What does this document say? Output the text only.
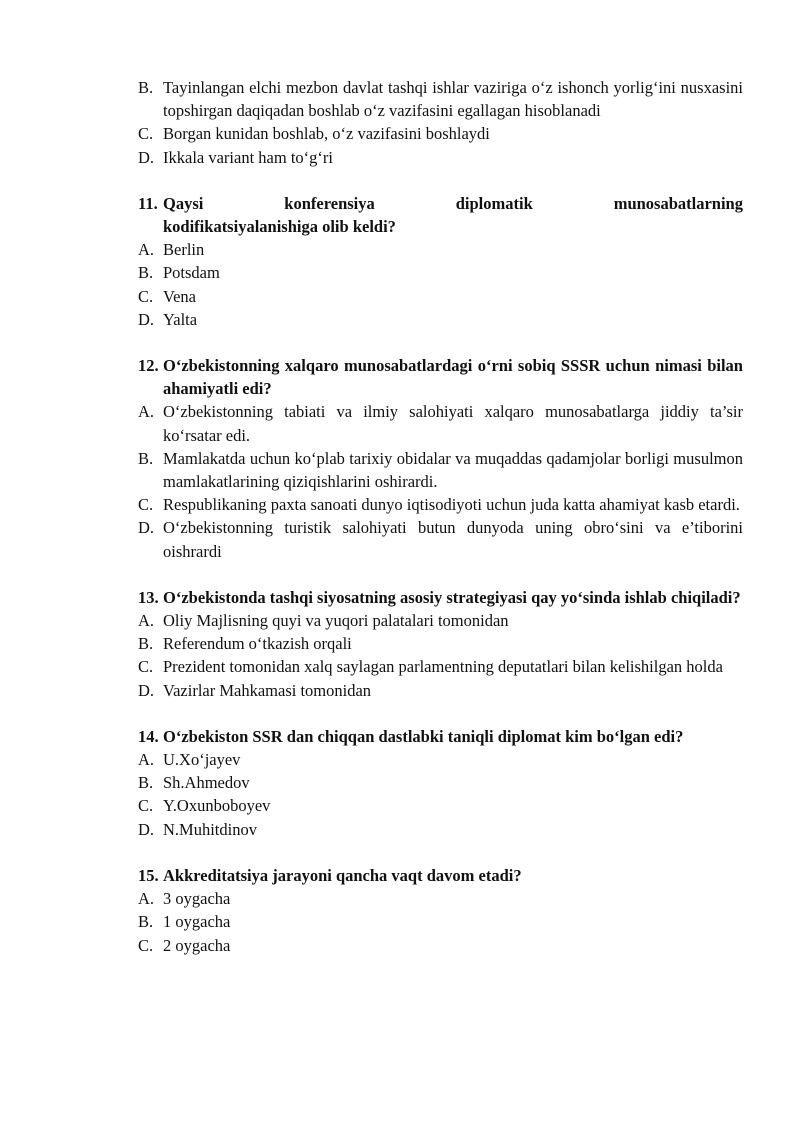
B. Tayinlangan elchi mezbon davlat tashqi ishlar vaziriga o‘z ishonch yorlig‘ini nusxasini topshirgan daqiqadan boshlab o‘z vazifasini egallagan hisoblanadi
C. Borgan kunidan boshlab, o‘z vazifasini boshlaydi
D. Ikkala variant ham to‘g‘ri
11. Qaysi konferensiya diplomatik munosabatlarning
kodifikatsiyalanishiga olib keldi?
A. Berlin
B. Potsdam
C. Vena
D. Yalta
12. O‘zbekistonning xalqaro munosabatlardagi o‘rni sobiq SSSR uchun nimasi bilan ahamiyatli edi?
A. O‘zbekistonning tabiati va ilmiy salohiyati xalqaro munosabatlarga jiddiy ta’sir ko‘rsatar edi.
B. Mamlakatda uchun ko‘plab tarixiy obidalar va muqaddas qadamjolar borligi musulmon mamlakatlarining qiziqishlarini oshirardi.
C. Respublikaning paxta sanoati dunyo iqtisodiyoti uchun juda katta ahamiyat kasb etardi.
D. O‘zbekistonning turistik salohiyati butun dunyoda uning obro‘sini va e’tiborini oishrardi
13. O‘zbekistonda tashqi siyosatning asosiy strategiyasi qay yo‘sinda ishlab chiqiladi?
A. Oliy Majlisning quyi va yuqori palatalari tomonidan
B. Referendum o‘tkazish orqali
C. Prezident tomonidan xalq saylagan parlamentning deputatlari bilan kelishilgan holda
D. Vazirlar Mahkamasi tomonidan
14. O‘zbekiston SSR dan chiqqan dastlabki taniqli diplomat kim bo‘lgan edi?
A. U.Xo‘jayev
B. Sh.Ahmedov
C. Y.Oxunboboyev
D. N.Muhitdinov
15. Akkreditatsiya jarayoni qancha vaqt davom etadi?
A. 3 oygacha
B. 1 oygacha
C. 2 oygacha
